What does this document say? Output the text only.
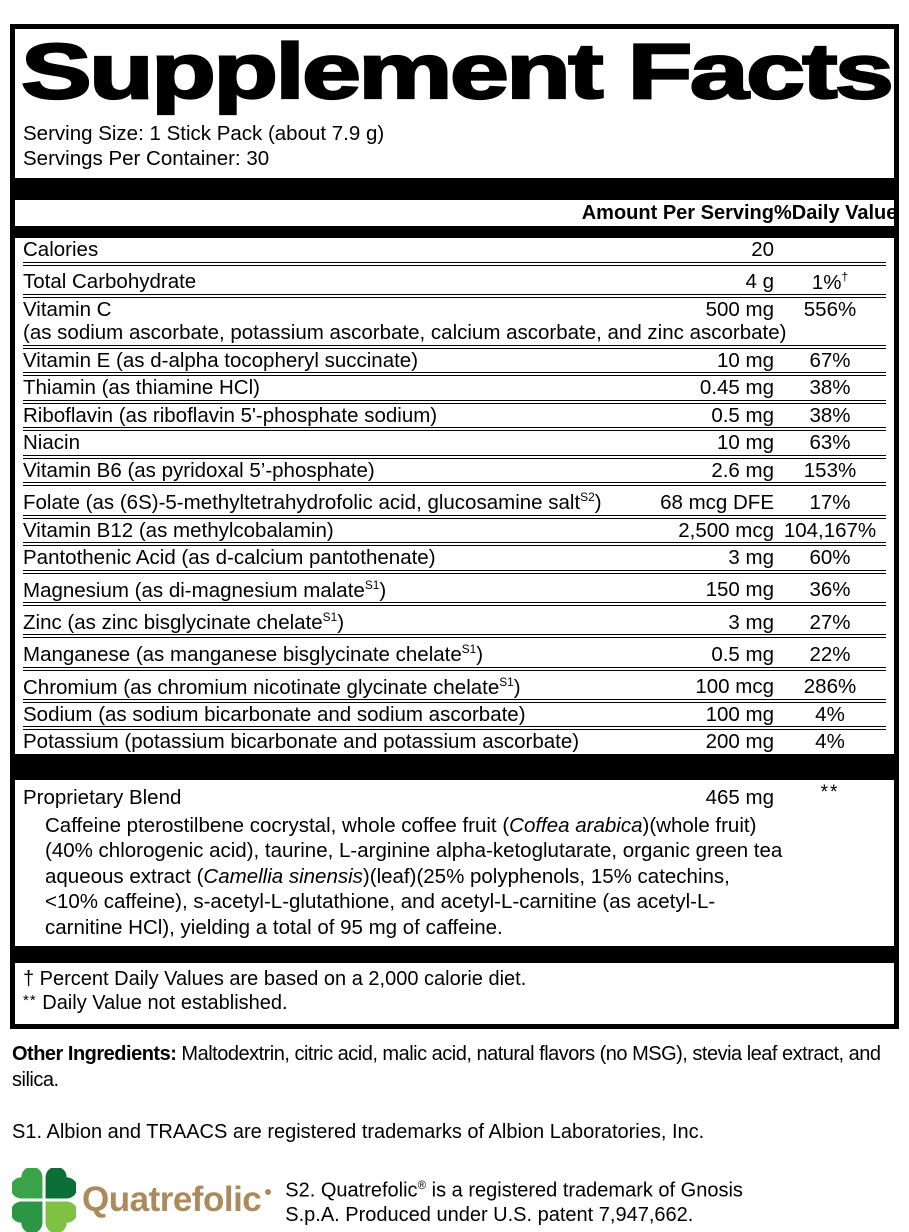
Supplement Facts
Serving Size: 1 Stick Pack (about 7.9 g)
Servings Per Container: 30
Amount Per Serving %Daily Value
Calories	20
Total Carbohydrate	4 g	1%†
Vitamin C	500 mg	556%
(as sodium ascorbate, potassium ascorbate, calcium ascorbate, and zinc ascorbate)
Vitamin E (as d-alpha tocopheryl succinate)	10 mg	67%
Thiamin (as thiamine HCl)	0.45 mg	38%
Riboflavin (as riboflavin 5'-phosphate sodium)	0.5 mg	38%
Niacin	10 mg	63%
Vitamin B6 (as pyridoxal 5’-phosphate)	2.6 mg	153%
Folate (as (6S)-5-methyltetrahydrofolic acid, glucosamine salt$^{S2}$)	68 mcg DFE	17%
Vitamin B12 (as methylcobalamin)	2,500 mcg 104,167%
Pantothenic Acid (as d-calcium pantothenate)	3 mg	60%
Magnesium (as di-magnesium malate$^{S1}$)	150 mg	36%
Zinc (as zinc bisglycinate chelate$^{S1}$)	3 mg	27%
Manganese (as manganese bisglycinate chelate$^{S1}$)	0.5 mg	22%
Chromium (as chromium nicotinate glycinate chelate$^{S1}$)	100 mcg	286%
Sodium (as sodium bicarbonate and sodium ascorbate)	100 mg	4%
Potassium (potassium bicarbonate and potassium ascorbate)	200 mg	4%
Proprietary Blend	465 mg	**
Caffeine pterostilbene cocrystal, whole coffee fruit (Coffea arabica)(whole fruit)(40% chlorogenic acid), taurine, L-arginine alpha-ketoglutarate, organic green tea aqueous extract (Camellia sinensis)(leaf)(25% polyphenols, 15% catechins, <10% caffeine), s-acetyl-L-glutathione, and acetyl-L-carnitine (as acetyl-L-carnitine HCl), yielding a total of 95 mg of caffeine.
† Percent Daily Values are based on a 2,000 calorie diet.
** Daily Value not established.
Other Ingredients: Maltodextrin, citric acid, malic acid, natural flavors (no MSG), stevia leaf extract, and silica.
S1. Albion and TRAACS are registered trademarks of Albion Laboratories, Inc.
Quatrefolic	S2. Quatrefolic® is a registered trademark of Gnosis S.p.A. Produced under U.S. patent 7,947,662.
